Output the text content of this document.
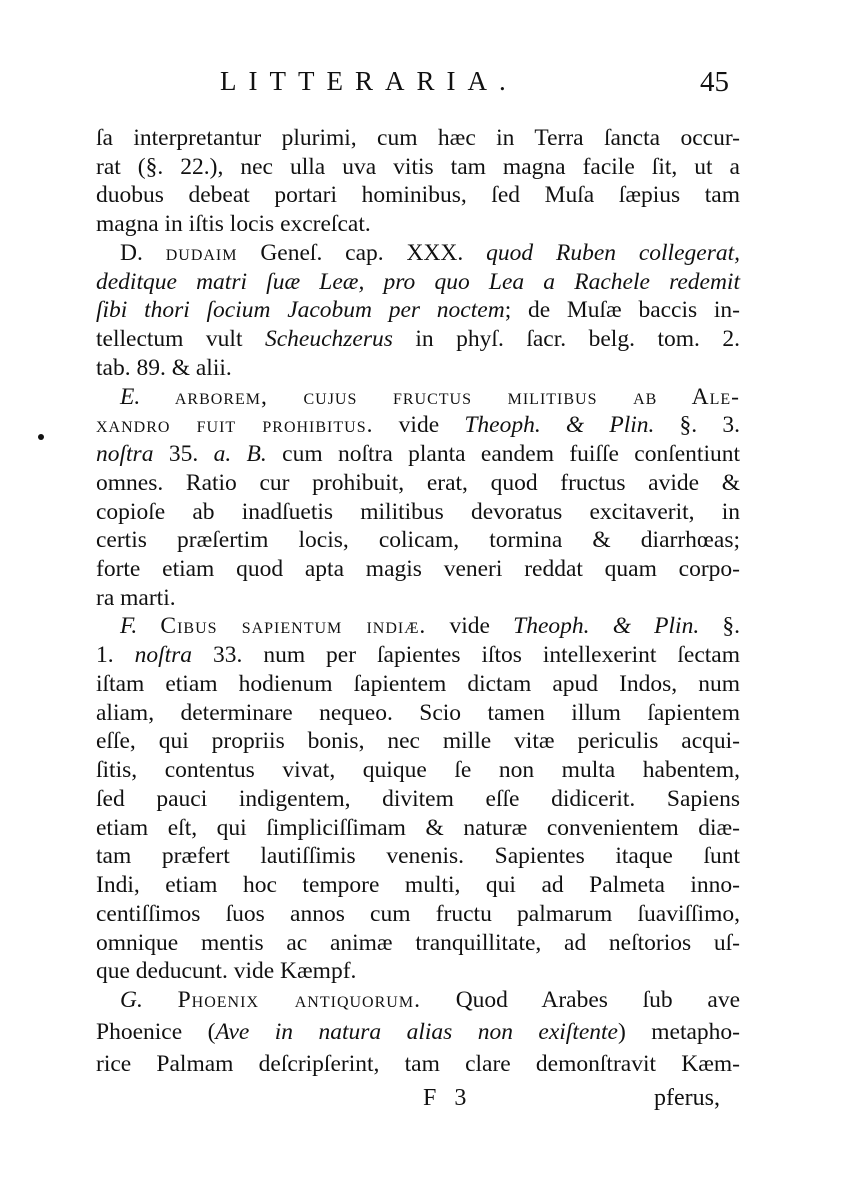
LITTERARIA.	45
ſa interpretantur plurimi, cum hæc in Terra ſancta occur-
rat (§. 22.), nec ulla uva vitis tam magna facile ſit, ut a
duobus debeat portari hominibus, ſed Muſa ſæpius tam
magna in iſtis locis excreſcat.
D. dudaim Geneſ. cap. XXX. quod Ruben collegerat,
deditque matri ſuæ Leæ, pro quo Lea a Rachele redemit
ſibi thori ſocium Jacobum per noctem; de Muſæ baccis in-
tellectum vult Scheuchzerus in phyſ. ſacr. belg. tom. 2.
tab. 89. & alii.
E. arborem, cujus fructus militibus ab Ale-
xandro fuit prohibitus. vide Theoph. & Plin. §. 3.
noſtra 35. a. B. cum noſtra planta eandem fuiſſe conſentiunt
omnes. Ratio cur prohibuit, erat, quod fructus avide &
copioſe ab inadſuetis militibus devoratus excitaverit, in
certis præſertim locis, colicam, tormina & diarrhœas;
forte etiam quod apta magis veneri reddat quam corpo-
ra marti.
F. Cibus sapientum indiæ. vide Theoph. & Plin. §.
1. noſtra 33. num per ſapientes iſtos intellexerint ſectam
iſtam etiam hodienum ſapientem dictam apud Indos, num
aliam, determinare nequeo. Scio tamen illum ſapientem
eſſe, qui propriis bonis, nec mille vitæ periculis acqui-
ſitis, contentus vivat, quique ſe non multa habentem,
ſed pauci indigentem, divitem eſſe didicerit. Sapiens
etiam eſt, qui ſimpliciſſimam & naturæ convenientem diæ-
tam præfert lautiſſimis venenis. Sapientes itaque ſunt
Indi, etiam hoc tempore multi, qui ad Palmeta inno-
centiſſimos ſuos annos cum fructu palmarum ſuaviſſimo,
omnique mentis ac animæ tranquillitate, ad neſtorios uſ-
que deducunt. vide Kæmpf.
G. Phoenix antiquorum. Quod Arabes ſub ave
Phoenice (Ave in natura alias non exiſtente) metapho-
rice Palmam deſcripſerint, tam clare demonſtravit Kæm-
F 3	pferus,
